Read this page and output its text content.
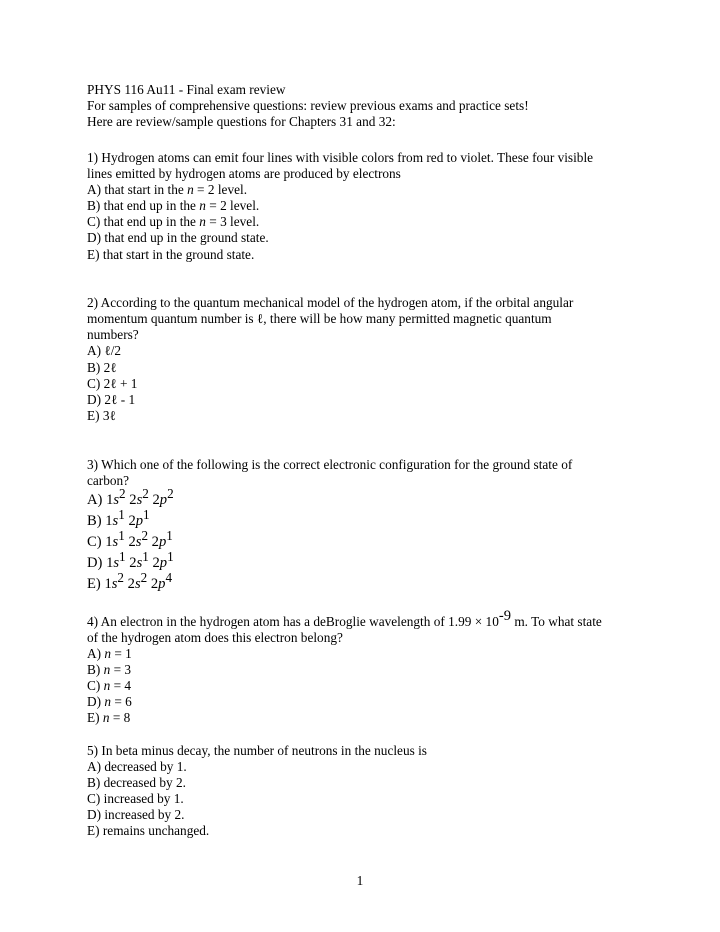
PHYS 116 Au11 - Final exam review
For samples of comprehensive questions: review previous exams and practice sets!
Here are review/sample questions for Chapters 31 and 32:
1) Hydrogen atoms can emit four lines with visible colors from red to violet. These four visible
lines emitted by hydrogen atoms are produced by electrons
A) that start in the n = 2 level.
B) that end up in the n = 2 level.
C) that end up in the n = 3 level.
D) that end up in the ground state.
E) that start in the ground state.
2) According to the quantum mechanical model of the hydrogen atom, if the orbital angular
momentum quantum number is ℓ, there will be how many permitted magnetic quantum
numbers?
A) ℓ/2
B) 2ℓ
C) 2ℓ + 1
D) 2ℓ - 1
E) 3ℓ
3) Which one of the following is the correct electronic configuration for the ground state of
carbon?
A) 1s2 2s2 2p2
B) 1s1 2p1
C) 1s1 2s2 2p1
D) 1s1 2s1 2p1
E) 1s2 2s2 2p4
4) An electron in the hydrogen atom has a deBroglie wavelength of 1.99 × 10-9 m. To what state
of the hydrogen atom does this electron belong?
A) n = 1
B) n = 3
C) n = 4
D) n = 6
E) n = 8
5) In beta minus decay, the number of neutrons in the nucleus is
A) decreased by 1.
B) decreased by 2.
C) increased by 1.
D) increased by 2.
E) remains unchanged.
1
